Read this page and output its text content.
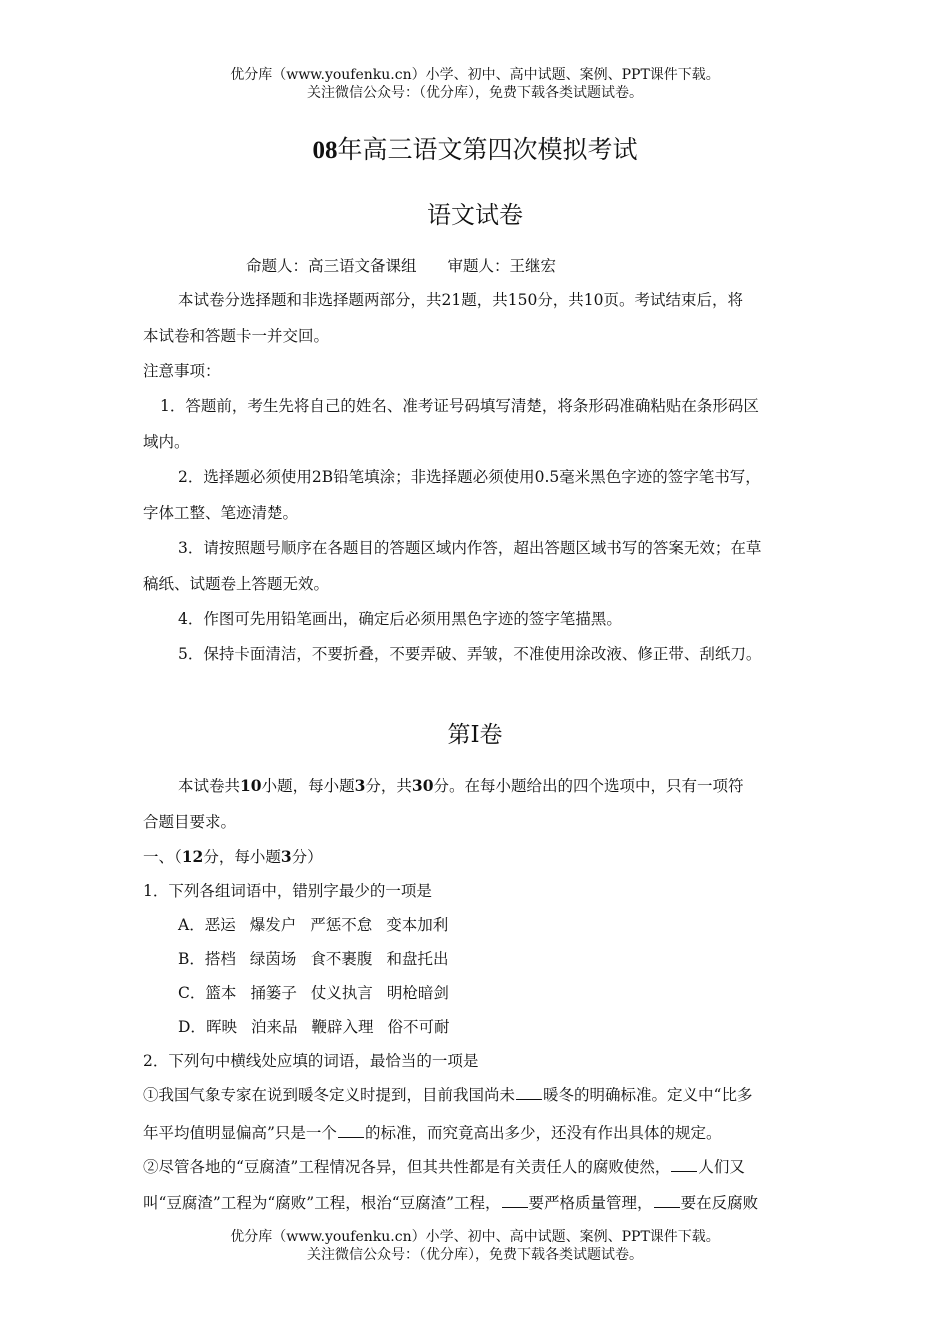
优分库（www.youfenku.cn）小学、初中、高中试题、案例、PPT课件下载。
关注微信公众号：（优分库），免费下载各类试题试卷。
08年高三语文第四次模拟考试
语文试卷
命题人：高三语文备课组　　审题人：王继宏
本试卷分选择题和非选择题两部分，共21题，共150分，共10页。考试结束后，将
本试卷和答题卡一并交回。
注意事项：
1．答题前，考生先将自己的姓名、准考证号码填写清楚，将条形码准确粘贴在条形码区
域内。
2．选择题必须使用2B铅笔填涂；非选择题必须使用0.5毫米黑色字迹的签字笔书写，
字体工整、笔迹清楚。
3．请按照题号顺序在各题目的答题区域内作答，超出答题区域书写的答案无效；在草
稿纸、试题卷上答题无效。
4．作图可先用铅笔画出，确定后必须用黑色字迹的签字笔描黑。
5．保持卡面清洁，不要折叠，不要弄破、弄皱，不准使用涂改液、修正带、刮纸刀。
第I卷
本试卷共10小题，每小题3分，共30分。在每小题给出的四个选项中，只有一项符
合题目要求。
一、（12分，每小题3分）
1．下列各组词语中，错别字最少的一项是
A．恶运 爆发户 严惩不怠 变本加利
B．搭档 绿茵场 食不裹腹 和盘托出
C．篮本 捅篓子 仗义执言 明枪暗剑
D．晖映 泊来品 鞭辟入理 俗不可耐
2．下列句中横线处应填的词语，最恰当的一项是
①我国气象专家在说到暖冬定义时提到，目前我国尚未 暖冬的明确标准。定义中“比多
年平均值明显偏高”只是一个 的标准，而究竟高出多少，还没有作出具体的规定。
②尽管各地的“豆腐渣”工程情况各异，但其共性都是有关责任人的腐败使然， 人们又
叫“豆腐渣”工程为“腐败”工程，根治“豆腐渣”工程， 要严格质量管理， 要在反腐败
优分库（www.youfenku.cn）小学、初中、高中试题、案例、PPT课件下载。
关注微信公众号：（优分库），免费下载各类试题试卷。
